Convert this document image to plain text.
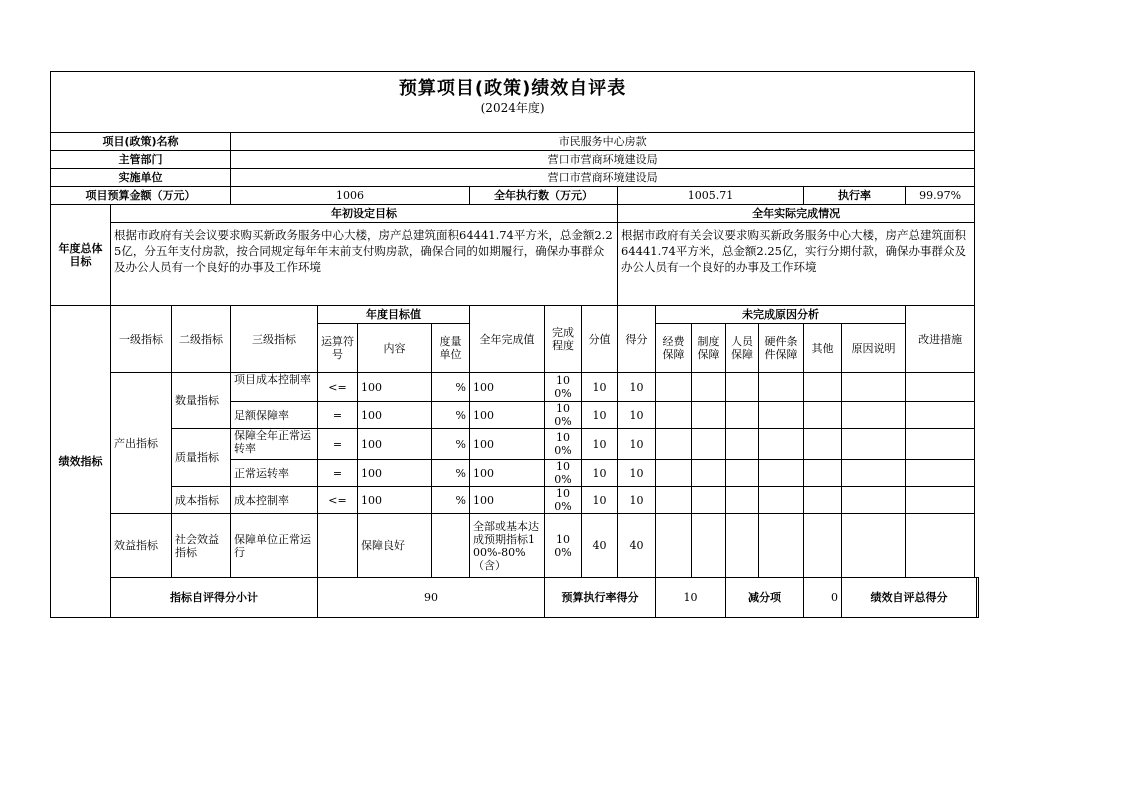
预算项目(政策)绩效自评表
(2024年度)																		

项目(政策)名称			市民服务中心房款															
主管部门			营口市营商环境建设局															
实施单位			营口市营商环境建设局															
项目预算金额（万元）			1006				全年执行数（万元）			1005.71					执行率		99.97%	
年度总体目标	年初设定目标									全年实际完成情况								
	根据市政府有关会议要求购买新政务服务中心大楼，房产总建筑面积64441.74平方米，总金额2.25亿，分五年支付房款，按合同规定每年年末前支付购房款，确保合同的如期履行，确保办事群众及办公人员有一个良好的办事及工作环境									根据市政府有关会议要求购买新政务服务中心大楼，房产总建筑面积64441.74平方米，总金额2.25亿，实行分期付款，确保办事群众及办公人员有一个良好的办事及工作环境								
绩效指标	一级指标	二级指标	三级指标	年度目标值			全年完成值	完成程度	分值	得分	未完成原因分析						改进措施	
				运算符号	内容	度量单位					经费保障	制度保障	人员保障	硬件条件保障	其他	原因说明		
	产出指标	数量指标	项目成本控制率	<=	100	%	100	100%	10	10								
			足额保障率	=	100	%	100	100%	10	10								
		质量指标	保障全年正常运转率	=	100	%	100	100%	10	10								
			正常运转率	=	100	%	100	100%	10	10								
		成本指标	成本控制率	<=	100	%	100	100%	10	10								
	效益指标	社会效益指标	保障单位正常运行		保障良好		全部或基本达成预期指标100%-80%（含）	100%	40	40								
	指标自评得分小计			90				预算执行率得分			10		减分项		0	绩效自评总得分	
